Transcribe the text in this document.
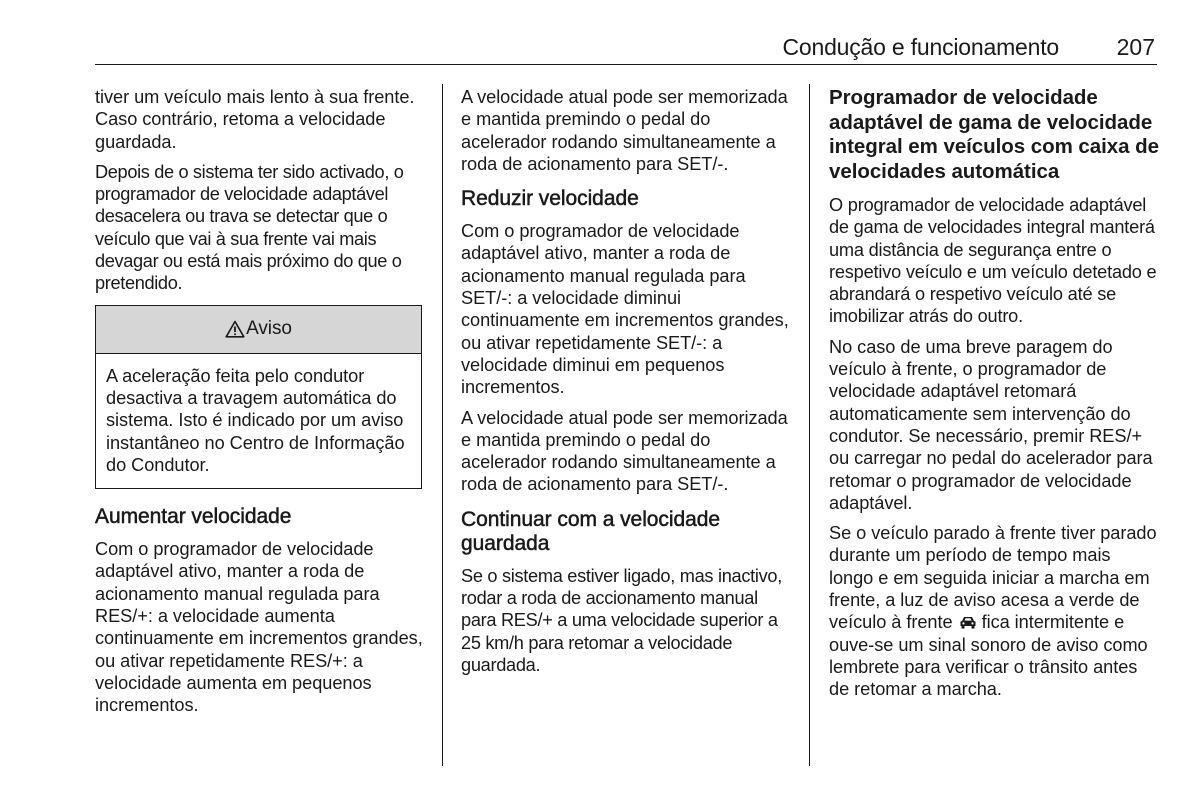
Condução e funcionamento	207

tiver um veículo mais lento à sua frente. Caso contrário, retoma a velocidade guardada.

Depois de o sistema ter sido activado, o programador de velocidade adaptável desacelera ou trava se detectar que o veículo que vai à sua frente vai mais devagar ou está mais próximo do que o pretendido.

Aviso
A aceleração feita pelo condutor desactiva a travagem automática do sistema. Isto é indicado por um aviso instantâneo no Centro de Informação do Condutor.
Aumentar velocidade

Com o programador de velocidade adaptável ativo, manter a roda de acionamento manual regulada para RES/+: a velocidade aumenta continuamente em incrementos grandes, ou ativar repetidamente RES/+: a velocidade aumenta em pequenos incrementos.

A velocidade atual pode ser memorizada e mantida premindo o pedal do acelerador rodando simultaneamente a roda de acionamento para SET/-.

Reduzir velocidade

Com o programador de velocidade adaptável ativo, manter a roda de acionamento manual regulada para SET/-: a velocidade diminui continuamente em incrementos grandes, ou ativar repetidamente SET/-: a velocidade diminui em pequenos incrementos.

A velocidade atual pode ser memorizada e mantida premindo o pedal do acelerador rodando simultaneamente a roda de acionamento para SET/-.

Continuar com a velocidade guardada

Se o sistema estiver ligado, mas inactivo, rodar a roda de accionamento manual para RES/+ a uma velocidade superior a 25 km/h para retomar a velocidade guardada.

Programador de velocidade adaptável de gama de velocidade integral em veículos com caixa de velocidades automática

O programador de velocidade adaptável de gama de velocidades integral manterá uma distância de segurança entre o respetivo veículo e um veículo detetado e abrandará o respetivo veículo até se imobilizar atrás do outro.

No caso de uma breve paragem do veículo à frente, o programador de velocidade adaptável retomará automaticamente sem intervenção do condutor. Se necessário, premir RES/+ ou carregar no pedal do acelerador para retomar o programador de velocidade adaptável.

Se o veículo parado à frente tiver parado durante um período de tempo mais longo e em seguida iniciar a marcha em frente, a luz de aviso acesa a verde de veículo à frente fica intermitente e ouve-se um sinal sonoro de aviso como lembrete para verificar o trânsito antes de retomar a marcha.
